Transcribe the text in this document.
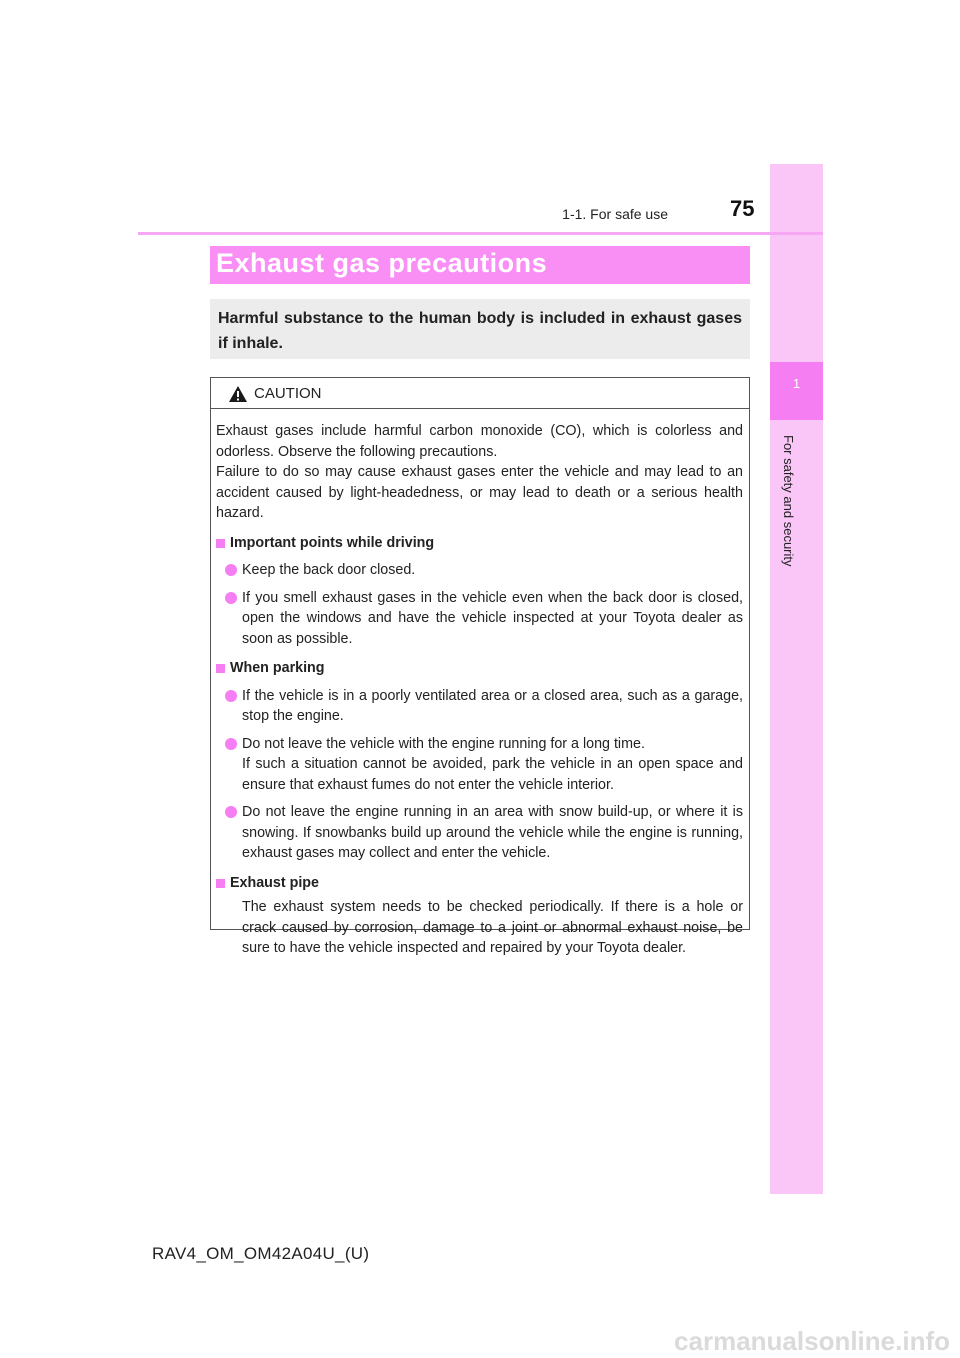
1
For safety and security
1-1. For safe use	75
Exhaust gas precautions
Harmful substance to the human body is included in exhaust gases if inhale.
CAUTION

Exhaust gases include harmful carbon monoxide (CO), which is colorless and odorless. Observe the following precautions.

Failure to do so may cause exhaust gases enter the vehicle and may lead to an accident caused by light-headedness, or may lead to death or a serious health hazard.

Important points while driving

Keep the back door closed.
If you smell exhaust gases in the vehicle even when the back door is closed, open the windows and have the vehicle inspected at your Toyota dealer as soon as possible.

When parking

If the vehicle is in a poorly ventilated area or a closed area, such as a garage, stop the engine.
Do not leave the vehicle with the engine running for a long time.
If such a situation cannot be avoided, park the vehicle in an open space and ensure that exhaust fumes do not enter the vehicle interior.
Do not leave the engine running in an area with snow build-up, or where it is snowing. If snowbanks build up around the vehicle while the engine is running, exhaust gases may collect and enter the vehicle.

Exhaust pipe

The exhaust system needs to be checked periodically. If there is a hole or crack caused by corrosion, damage to a joint or abnormal exhaust noise, be sure to have the vehicle inspected and repaired by your Toyota dealer.

RAV4_OM_OM42A04U_(U)
carmanualsonline.info
